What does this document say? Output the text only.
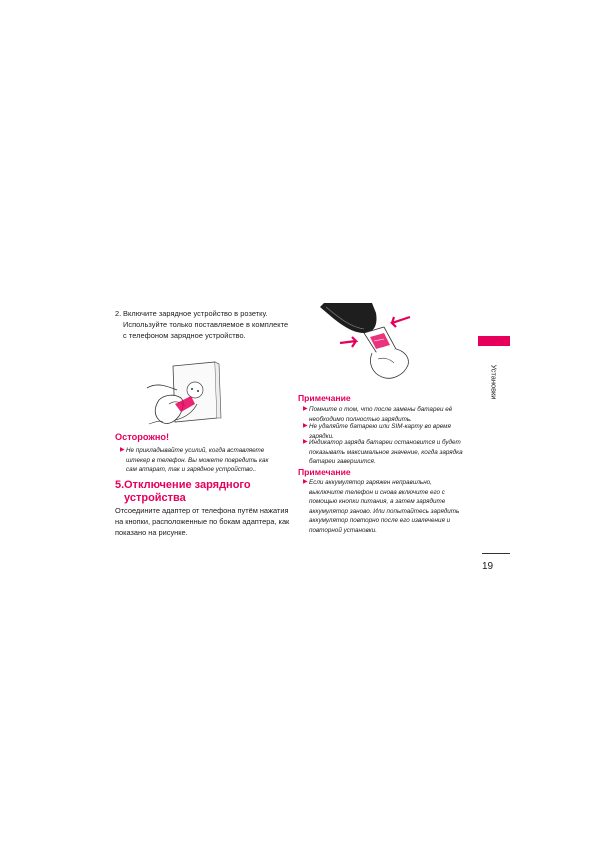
2. Включите зарядное устройство в розетку. Используйте только поставляемое в комплекте с телефоном зарядное устройство.
Осторожно!
▶ Не прикладывайте усилий, когда вставляете штекер в телефон. Вы можете повредить как сам аппарат, так и зарядное устройство..
5. Отключение зарядного устройства
Отсоедините адаптер от телефона путём нажатия на кнопки, расположенные по бокам адаптера, как показано на рисунке.
Примечание
▶ Помните о том, что после замены батареи её необходимо полностью зарядить.
▶ Не удаляйте батарею или SIM-карту во время зарядки.
▶ Индикатор заряда батареи остановится и будет показывать максимальное значение, когда зарядка батареи завершится.
Примечание
▶ Если аккумулятор заряжен неправильно, выключите телефон и снова включите его с помощью кнопки питания, а затем зарядите аккумулятор заново. Или попытайтесь зарядить аккумулятор повторно после его извлечения и повторной установки.
Установки
19
